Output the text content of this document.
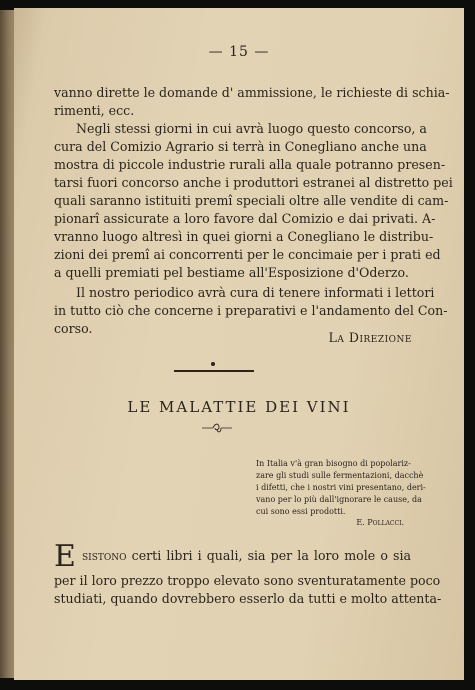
— 15 —
vanno dirette le domande d' ammissione, le richieste di schia-
rimenti, ecc.
Negli stessi giorni in cui avrà luogo questo concorso, a
cura del Comizio Agrario si terrà in Conegliano anche una
mostra di piccole industrie rurali alla quale potranno presen-
tarsi fuori concorso anche i produttori estranei al distretto pei
quali saranno istituiti premî speciali oltre alle vendite di cam-
pionarî assicurate a loro favore dal Comizio e dai privati. A-
vranno luogo altresì in quei giorni a Conegliano le distribu-
zioni dei premî ai concorrenti per le concimaie per i prati ed
a quelli premiati pel bestiame all'Esposizione d'Oderzo.
Il nostro periodico avrà cura di tenere informati i lettori
in tutto ciò che concerne i preparativi e l'andamento del Con-
corso.
La Direzione
LE MALATTIE DEI VINI
In Italia v'à gran bisogno di popolariz-
zare gli studi sulle fermentazioni, dacchè
i difetti, che i nostri vini presentano, deri-
vano per lo più dall'ignorare le cause, da
cui sono essi prodotti.
E. Pollacci.
E sistono certi libri i quali, sia per la loro mole o sia
per il loro prezzo troppo elevato sono sventuratamente poco
studiati, quando dovrebbero esserlo da tutti e molto attenta-
